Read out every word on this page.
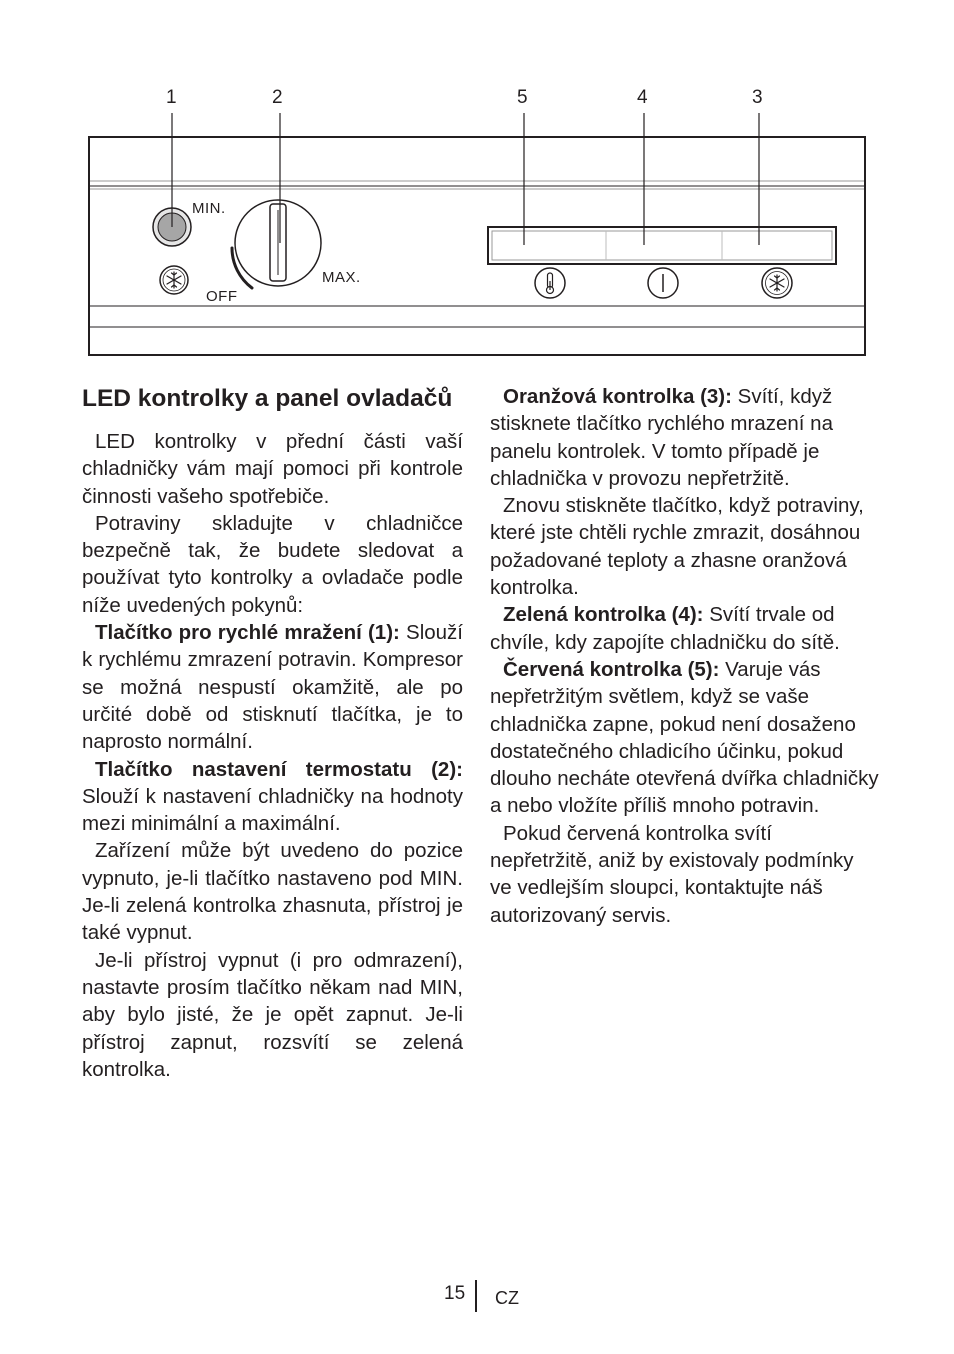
1	2	5	4	3
MIN.
MAX.
OFF
LED kontrolky a panel ovladačů

LED kontrolky v přední části vaší chladničky vám mají pomoci při kontrole činnosti vašeho spotřebiče.

Potraviny skladujte v chladničce bezpečně tak, že budete sledovat a používat tyto kontrolky a ovladače podle níže uvedených pokynů:

Tlačítko pro rychlé mražení (1): Slouží k rychlému zmrazení potravin. Kompresor se možná nespustí okamžitě, ale po určité době od stisknutí tlačítka, je to naprosto normální.

Tlačítko nastavení termostatu (2): Slouží k nastavení chladničky na hodnoty mezi minimální a maximální.

Zařízení může být uvedeno do pozice vypnuto, je-li tlačítko nastaveno pod MIN. Je-li zelená kontrolka zhasnuta, přístroj je také vypnut.

Je-li přístroj vypnut (i pro odmrazení), nastavte prosím tlačítko někam nad MIN, aby bylo jisté, že je opět zapnut. Je-li přístroj zapnut, rozsvítí se zelená kontrolka.

Oranžová kontrolka (3): Svítí, když stisknete tlačítko rychlého mrazení na panelu kontrolek. V tomto případě je chladnička v provozu nepřetržitě.

Znovu stiskněte tlačítko, když potraviny, které jste chtěli rychle zmrazit, dosáhnou požadované teploty a zhasne oranžová kontrolka.

Zelená kontrolka (4): Svítí trvale od chvíle, kdy zapojíte chladničku do sítě.

Červená kontrolka (5): Varuje vás nepřetržitým světlem, když se vaše chladnička zapne, pokud není dosaženo dostatečného chladicího účinku, pokud dlouho necháte otevřená dvířka chladničky a nebo vložíte příliš mnoho potravin.

Pokud červená kontrolka svítí nepřetržitě, aniž by existovaly podmínky ve vedlejším sloupci, kontaktujte náš autorizovaný servis.

15 CZ
